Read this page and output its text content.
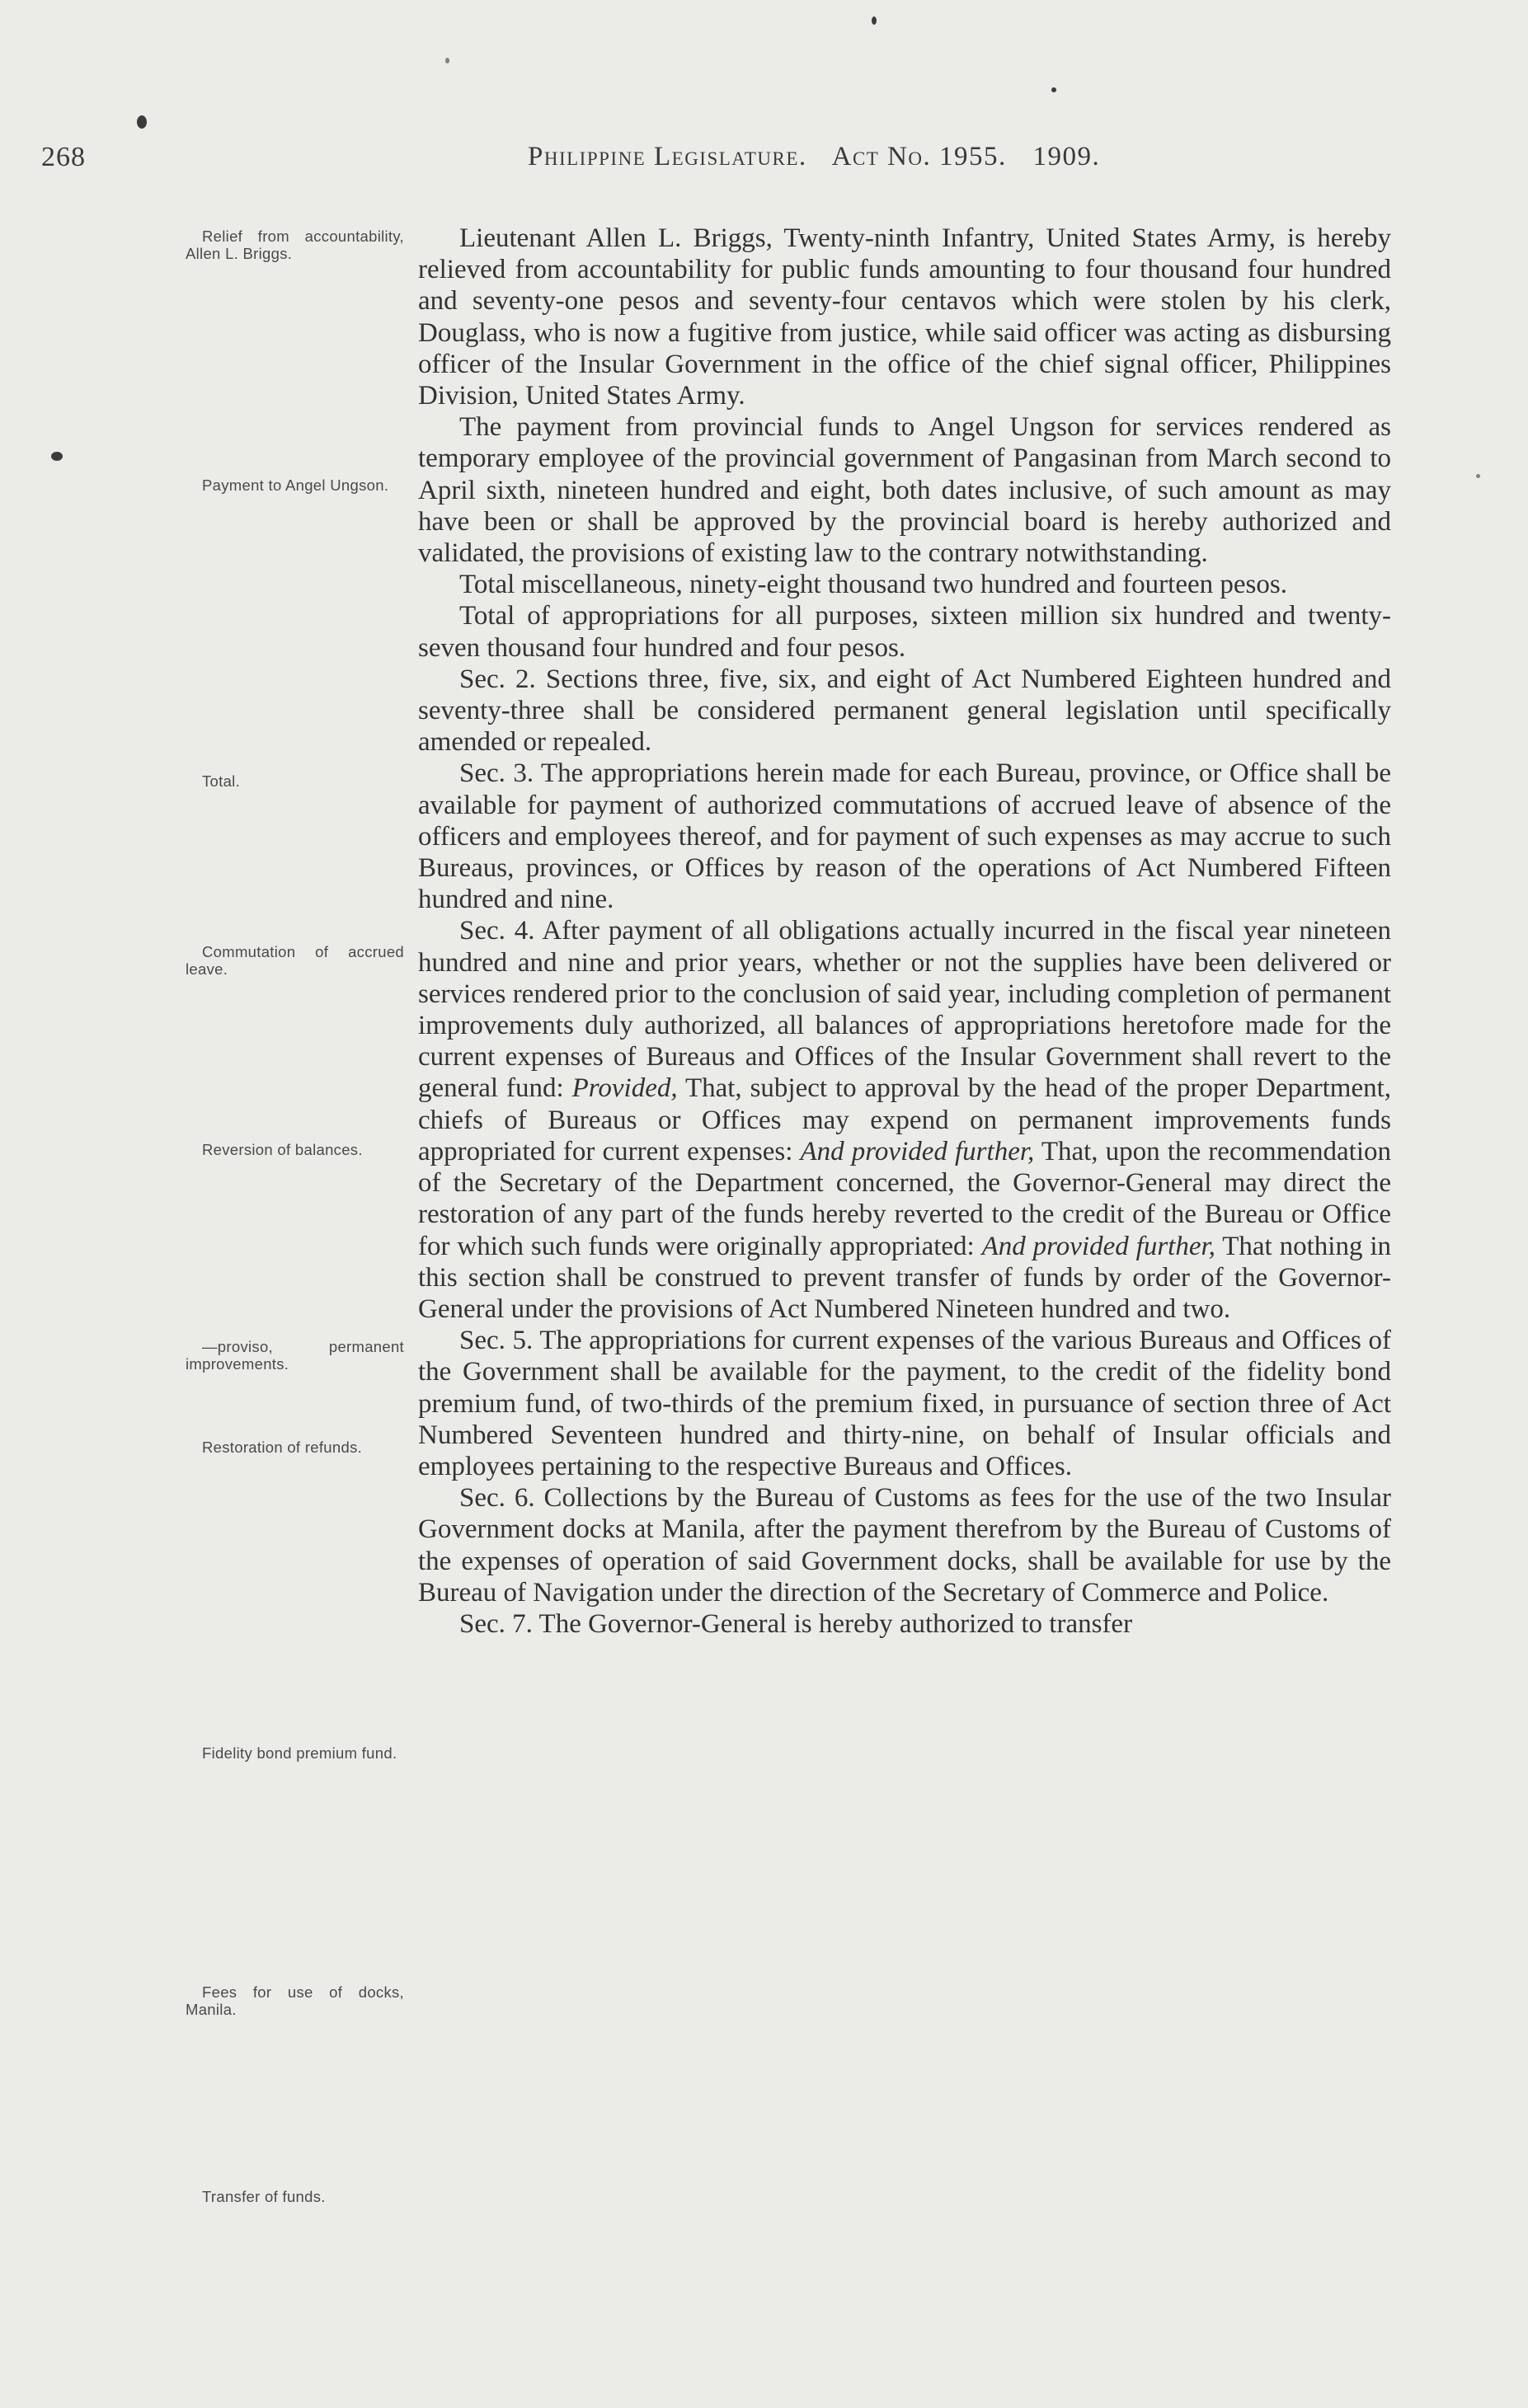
268	Philippine Legislature. Act No. 1955. 1909.
Relief from accountability, Allen L. Briggs.
Payment to Angel Ungson.
Total.
Commutation of accrued leave.
Reversion of balances.
—proviso, permanent improvements.
Restoration of refunds.
Fidelity bond premium fund.
Fees for use of docks, Manila.
Transfer of funds.

Lieutenant Allen L. Briggs, Twenty-ninth Infantry, United States Army, is hereby relieved from accountability for public funds amounting to four thousand four hundred and seventy-one pesos and seventy-four centavos which were stolen by his clerk, Douglass, who is now a fugitive from justice, while said officer was acting as disbursing officer of the Insular Government in the office of the chief signal officer, Philippines Division, United States Army.

The payment from provincial funds to Angel Ungson for services rendered as temporary employee of the provincial government of Pangasinan from March second to April sixth, nineteen hundred and eight, both dates inclusive, of such amount as may have been or shall be approved by the provincial board is hereby authorized and validated, the provisions of existing law to the contrary notwithstanding.

Total miscellaneous, ninety-eight thousand two hundred and fourteen pesos.

Total of appropriations for all purposes, sixteen million six hundred and twenty-seven thousand four hundred and four pesos.

Sec. 2. Sections three, five, six, and eight of Act Numbered Eighteen hundred and seventy-three shall be considered permanent general legislation until specifically amended or repealed.

Sec. 3. The appropriations herein made for each Bureau, province, or Office shall be available for payment of authorized commutations of accrued leave of absence of the officers and employees thereof, and for payment of such expenses as may accrue to such Bureaus, provinces, or Offices by reason of the operations of Act Numbered Fifteen hundred and nine.

Sec. 4. After payment of all obligations actually incurred in the fiscal year nineteen hundred and nine and prior years, whether or not the supplies have been delivered or services rendered prior to the conclusion of said year, including completion of permanent improvements duly authorized, all balances of appropriations heretofore made for the current expenses of Bureaus and Offices of the Insular Government shall revert to the general fund: Provided, That, subject to approval by the head of the proper Department, chiefs of Bureaus or Offices may expend on permanent improvements funds appropriated for current expenses: And provided further, That, upon the recommendation of the Secretary of the Department concerned, the Governor-General may direct the restoration of any part of the funds hereby reverted to the credit of the Bureau or Office for which such funds were originally appropriated: And provided further, That nothing in this section shall be construed to prevent transfer of funds by order of the Governor-General under the provisions of Act Numbered Nineteen hundred and two.

Sec. 5. The appropriations for current expenses of the various Bureaus and Offices of the Government shall be available for the payment, to the credit of the fidelity bond premium fund, of two-thirds of the premium fixed, in pursuance of section three of Act Numbered Seventeen hundred and thirty-nine, on behalf of Insular officials and employees pertaining to the respective Bureaus and Offices.

Sec. 6. Collections by the Bureau of Customs as fees for the use of the two Insular Government docks at Manila, after the payment therefrom by the Bureau of Customs of the expenses of operation of said Government docks, shall be available for use by the Bureau of Navigation under the direction of the Secretary of Commerce and Police.

Sec. 7. The Governor-General is hereby authorized to transfer
